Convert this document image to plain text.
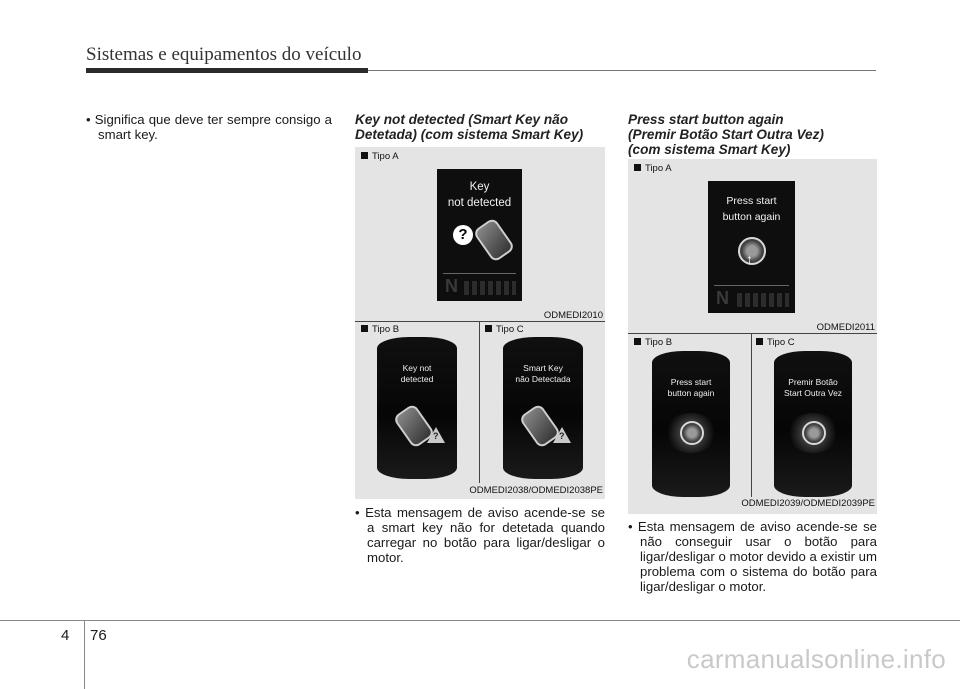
Sistemas e equipamentos do veículo
• Significa que deve ter sempre consigo a smart key.
Key not detected (Smart Key não Detetada) (com sistema Smart Key)
Tipo A
Key
not detected
?
N
ODMEDI2010
Tipo B
Key not
detected
?
Tipo C
Smart Key
não Detectada
?
ODMEDI2038/ODMEDI2038PE
• Esta mensagem de aviso acende-se se a smart key não for detetada quando carregar no botão para ligar/desligar o motor.
Press start button again
(Premir Botão Start Outra Vez)
(com sistema Smart Key)
Tipo A
Press start
button again
↑
N
ODMEDI2011
Tipo B
Press start
button again
Tipo C
Premir Botão
Start Outra Vez
ODMEDI2039/ODMEDI2039PE
• Esta mensagem de aviso acende-se se não conseguir usar o botão para ligar/desligar o motor devido a existir um problema com o sistema do botão para ligar/desligar o motor.
4 76
carmanualsonline.info
